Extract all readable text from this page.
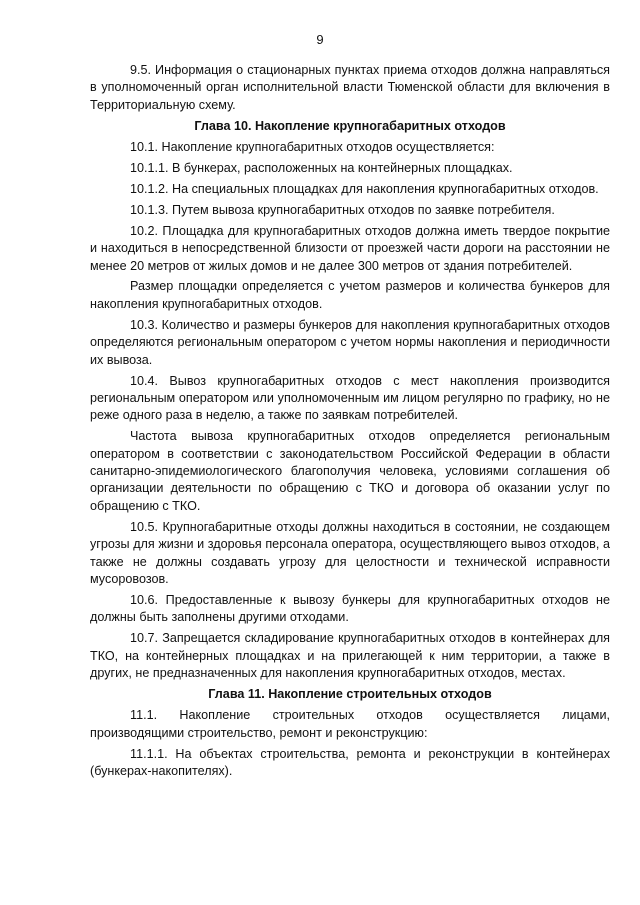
9

9.5. Информация о стационарных пунктах приема отходов должна направляться в уполномоченный орган исполнительной власти Тюменской области для включения в Территориальную схему.

Глава 10. Накопление крупногабаритных отходов

10.1. Накопление крупногабаритных отходов осуществляется:

10.1.1. В бункерах, расположенных на контейнерных площадках.

10.1.2. На специальных площадках для накопления крупногабаритных отходов.

10.1.3. Путем вывоза крупногабаритных отходов по заявке потребителя.

10.2. Площадка для крупногабаритных отходов должна иметь твердое покрытие и находиться в непосредственной близости от проезжей части дороги на расстоянии не менее 20 метров от жилых домов и не далее 300 метров от здания потребителей.

Размер площадки определяется с учетом размеров и количества бункеров для накопления крупногабаритных отходов.

10.3. Количество и размеры бункеров для накопления крупногабаритных отходов определяются региональным оператором с учетом нормы накопления и периодичности их вывоза.

10.4. Вывоз крупногабаритных отходов с мест накопления производится региональным оператором или уполномоченным им лицом регулярно по графику, но не реже одного раза в неделю, а также по заявкам потребителей.

Частота вывоза крупногабаритных отходов определяется региональным оператором в соответствии с законодательством Российской Федерации в области санитарно-эпидемиологического благополучия человека, условиями соглашения об организации деятельности по обращению с ТКО и договора об оказании услуг по обращению с ТКО.

10.5. Крупногабаритные отходы должны находиться в состоянии, не создающем угрозы для жизни и здоровья персонала оператора, осуществляющего вывоз отходов, а также не должны создавать угрозу для целостности и технической исправности мусоровозов.

10.6. Предоставленные к вывозу бункеры для крупногабаритных отходов не должны быть заполнены другими отходами.

10.7. Запрещается складирование крупногабаритных отходов в контейнерах для ТКО, на контейнерных площадках и на прилегающей к ним территории, а также в других, не предназначенных для накопления крупногабаритных отходов, местах.

Глава 11. Накопление строительных отходов

11.1. Накопление строительных отходов осуществляется лицами, производящими строительство, ремонт и реконструкцию:

11.1.1. На объектах строительства, ремонта и реконструкции в контейнерах (бункерах-накопителях).
